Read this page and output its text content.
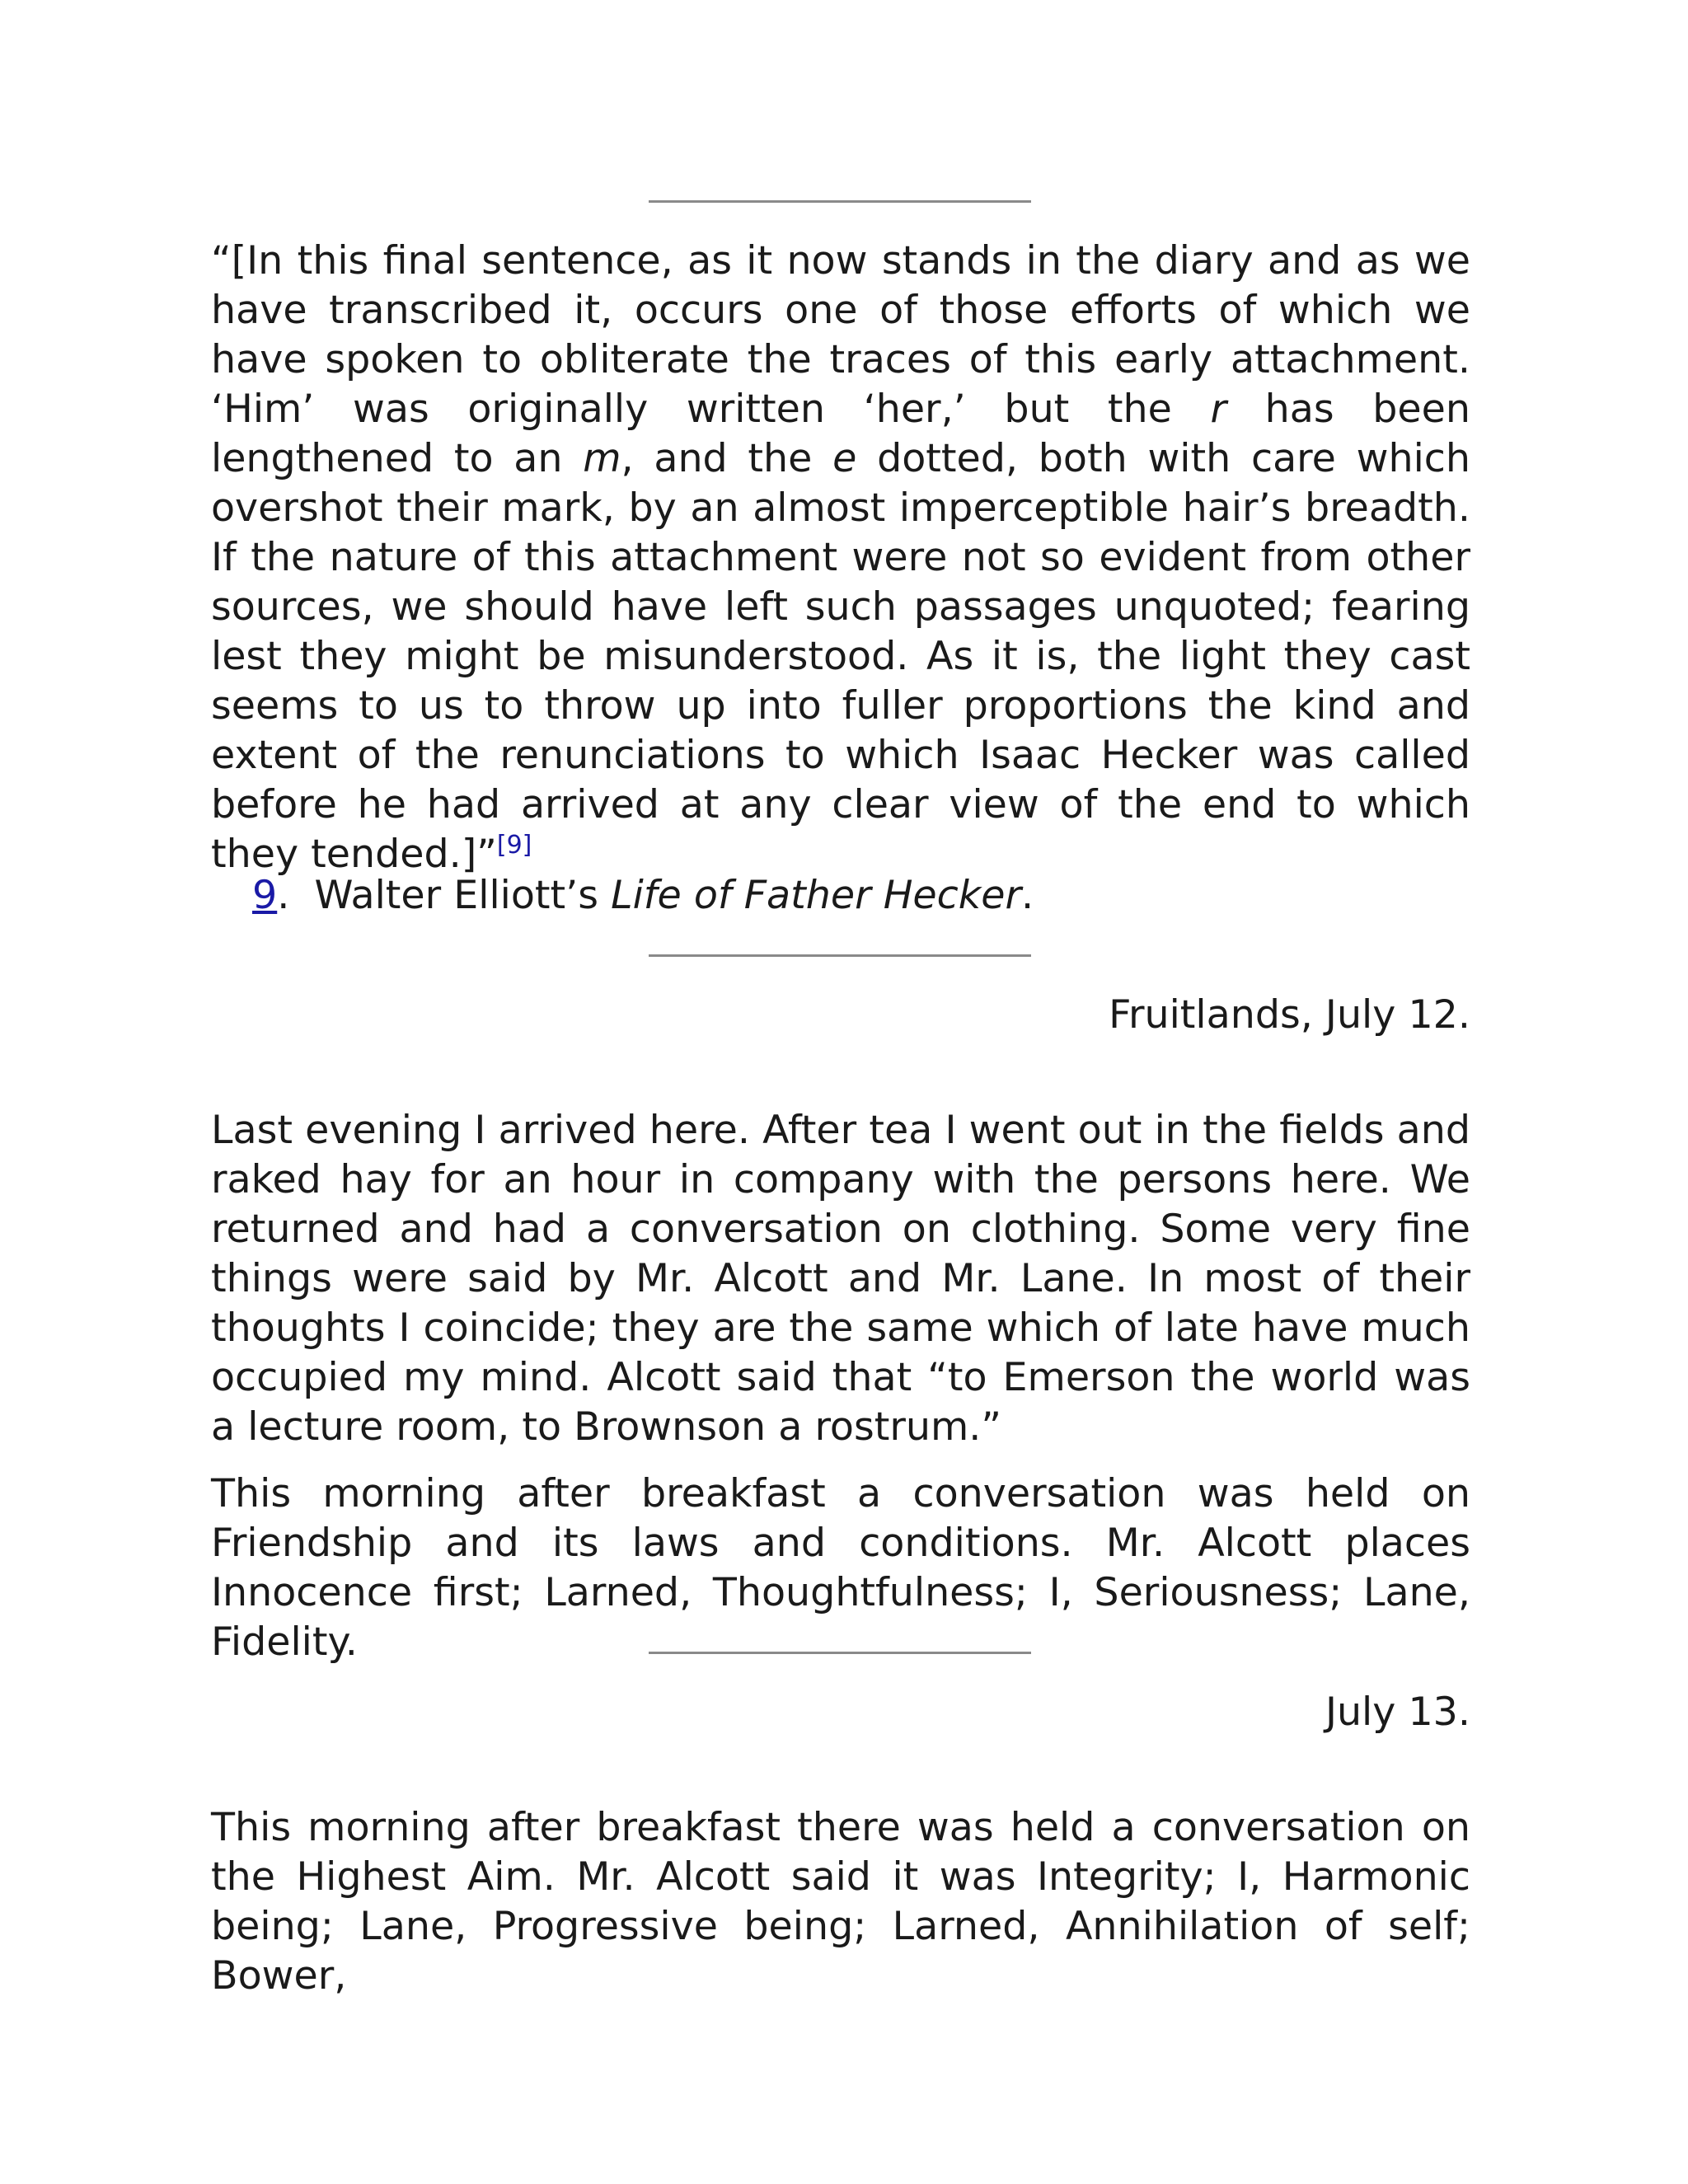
“[In this final sentence, as it now stands in the diary and as we have transcribed it, occurs one of those efforts of which we have spoken to obliterate the traces of this early attachment. ‘Him’ was originally written ‘her,’ but the r has been lengthened to an m, and the e dotted, both with care which overshot their mark, by an almost imperceptible hair’s breadth. If the nature of this attachment were not so evident from other sources, we should have left such passages unquoted; fearing lest they might be misunderstood. As it is, the light they cast seems to us to throw up into fuller proportions the kind and extent of the renunciations to which Isaac Hecker was called before he had arrived at any clear view of the end to which they tended.]”[9]

9.  Walter Elliott’s Life of Father Hecker.

Fruitlands, July 12.

Last evening I arrived here. After tea I went out in the fields and raked hay for an hour in company with the persons here. We returned and had a conversation on clothing. Some very fine things were said by Mr. Alcott and Mr. Lane. In most of their thoughts I coincide; they are the same which of late have much occupied my mind. Alcott said that “to Emerson the world was a lecture room, to Brownson a rostrum.”

This morning after breakfast a conversation was held on Friendship and its laws and conditions. Mr. Alcott places Innocence first; Larned, Thoughtfulness; I, Seriousness; Lane, Fidelity.

July 13.

This morning after breakfast there was held a conversation on the Highest Aim. Mr. Alcott said it was Integrity; I, Harmonic being; Lane, Progressive being; Larned, Annihilation of self; Bower,
